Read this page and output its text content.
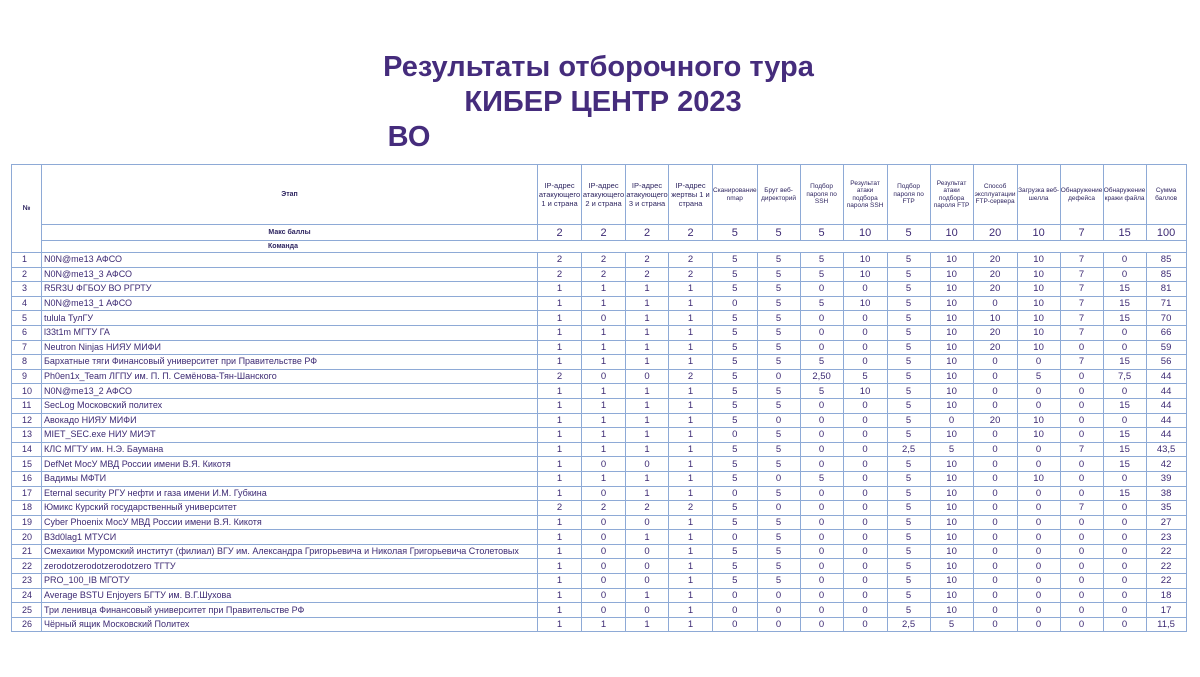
Результаты отборочного тура
КИБЕР ЦЕНТР 2023
ВО
№	Этап	IP-адрес атакующего 1 и страна	IP-адрес атакующего 2 и страна	IP-адрес атакующего 3 и страна	IP-адрес жертвы 1 и страна	Сканирование nmap	Брут веб-директорий	Подбор пароля по SSH	Результат атаки подбора пароля SSH	Подбор пароля по FTP	Результат атаки подбора пароля FTP	Способ эксплуатации FTP-сервера	Загрузка веб-шелла	Обнаружение дефейса	Обнаружение кражи файла	Сумма баллов
	Макс баллы	2	2	2	2	5	5	5	10	5	10	20	10	7	15	100
	Команда															
1	N0N@me13 АФСО	2	2	2	2	5	5	5	10	5	10	20	10	7	0	85
2	N0N@me13_3 АФСО	2	2	2	2	5	5	5	10	5	10	20	10	7	0	85
3	R5R3U ФГБОУ ВО РГРТУ	1	1	1	1	5	5	0	0	5	10	20	10	7	15	81
4	N0N@me13_1 АФСО	1	1	1	1	0	5	5	10	5	10	0	10	7	15	71
5	tulula ТулГУ	1	0	1	1	5	5	0	0	5	10	10	10	7	15	70
6	l33t1m МГТУ ГА	1	1	1	1	5	5	0	0	5	10	20	10	7	0	66
7	Neutron Ninjas НИЯУ МИФИ	1	1	1	1	5	5	0	0	5	10	20	10	0	0	59
8	Бархатные тяги Финансовый университет при Правительстве РФ	1	1	1	1	5	5	5	0	5	10	0	0	7	15	56
9	Ph0en1x_Team ЛГПУ им. П. П. Семёнова-Тян-Шанского	2	0	0	2	5	0	2,50	5	5	10	0	5	0	7,5	44
10	N0N@me13_2 АФСО	1	1	1	1	5	5	5	10	5	10	0	0	0	0	44
11	SecLog Московский политех	1	1	1	1	5	5	0	0	5	10	0	0	0	15	44
12	Авокадо НИЯУ МИФИ	1	1	1	1	5	0	0	0	5	0	20	10	0	0	44
13	MIET_SEC.exe НИУ МИЭТ	1	1	1	1	0	5	0	0	5	10	0	10	0	15	44
14	КЛС МГТУ им. Н.Э. Баумана	1	1	1	1	5	5	0	0	2,5	5	0	0	7	15	43,5
15	DefNet МосУ МВД России имени В.Я. Кикотя	1	0	0	1	5	5	0	0	5	10	0	0	0	15	42
16	Вадимы МФТИ	1	1	1	1	5	0	5	0	5	10	0	10	0	0	39
17	Eternal security РГУ нефти и газа имени И.М. Губкина	1	0	1	1	0	5	0	0	5	10	0	0	0	15	38
18	Юмикс Курский государственный университет	2	2	2	2	5	0	0	0	5	10	0	0	7	0	35
19	Cyber Phoenix МосУ МВД России имени В.Я. Кикотя	1	0	0	1	5	5	0	0	5	10	0	0	0	0	27
20	B3d0lag1 МТУСИ	1	0	1	1	0	5	0	0	5	10	0	0	0	0	23
21	Смехаики Муромский институт (филиал) ВГУ им. Александра Григорьевича и Николая Григорьевича Столетовых	1	0	0	1	5	5	0	0	5	10	0	0	0	0	22
22	zerodotzerodotzerodotzero ТГТУ	1	0	0	1	5	5	0	0	5	10	0	0	0	0	22
23	PRO_100_IB МГОТУ	1	0	0	1	5	5	0	0	5	10	0	0	0	0	22
24	Average BSTU Enjoyers БГТУ им. В.Г.Шухова	1	0	1	1	0	0	0	0	5	10	0	0	0	0	18
25	Три ленивца Финансовый университет при Правительстве РФ	1	0	0	1	0	0	0	0	5	10	0	0	0	0	17
26	Чёрный ящик Московский Политех	1	1	1	1	0	0	0	0	2,5	5	0	0	0	0	11,5
